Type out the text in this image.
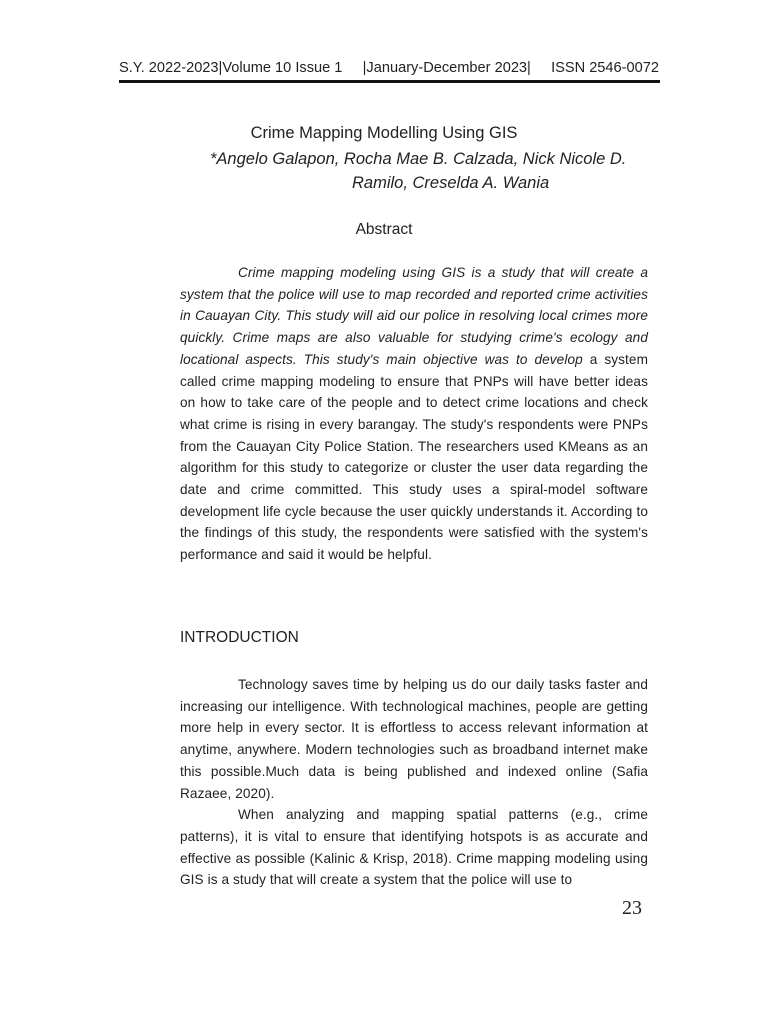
S.Y. 2022-2023|Volume 10 Issue 1 |January-December 2023| ISSN 2546-0072
Crime Mapping Modelling Using GIS
*Angelo Galapon, Rocha Mae B. Calzada, Nick Nicole D.
Ramilo, Creselda A. Wania
Abstract

Crime mapping modeling using GIS is a study that will create a system that the police will use to map recorded and reported crime activities in Cauayan City. This study will aid our police in resolving local crimes more quickly. Crime maps are also valuable for studying crime's ecology and locational aspects. This study's main objective was to develop a system called crime mapping modeling to ensure that PNPs will have better ideas on how to take care of the people and to detect crime locations and check what crime is rising in every barangay. The study's respondents were PNPs from the Cauayan City Police Station. The researchers used KMeans as an algorithm for this study to categorize or cluster the user data regarding the date and crime committed. This study uses a spiral-model software development life cycle because the user quickly understands it. According to the findings of this study, the respondents were satisfied with the system's performance and said it would be helpful.

INTRODUCTION

Technology saves time by helping us do our daily tasks faster and increasing our intelligence. With technological machines, people are getting more help in every sector. It is effortless to access relevant information at anytime, anywhere. Modern technologies such as broadband internet make this possible.Much data is being published and indexed online (Safia Razaee, 2020).

When analyzing and mapping spatial patterns (e.g., crime patterns), it is vital to ensure that identifying hotspots is as accurate and effective as possible (Kalinic & Krisp, 2018). Crime mapping modeling using GIS is a study that will create a system that the police will use to

23
